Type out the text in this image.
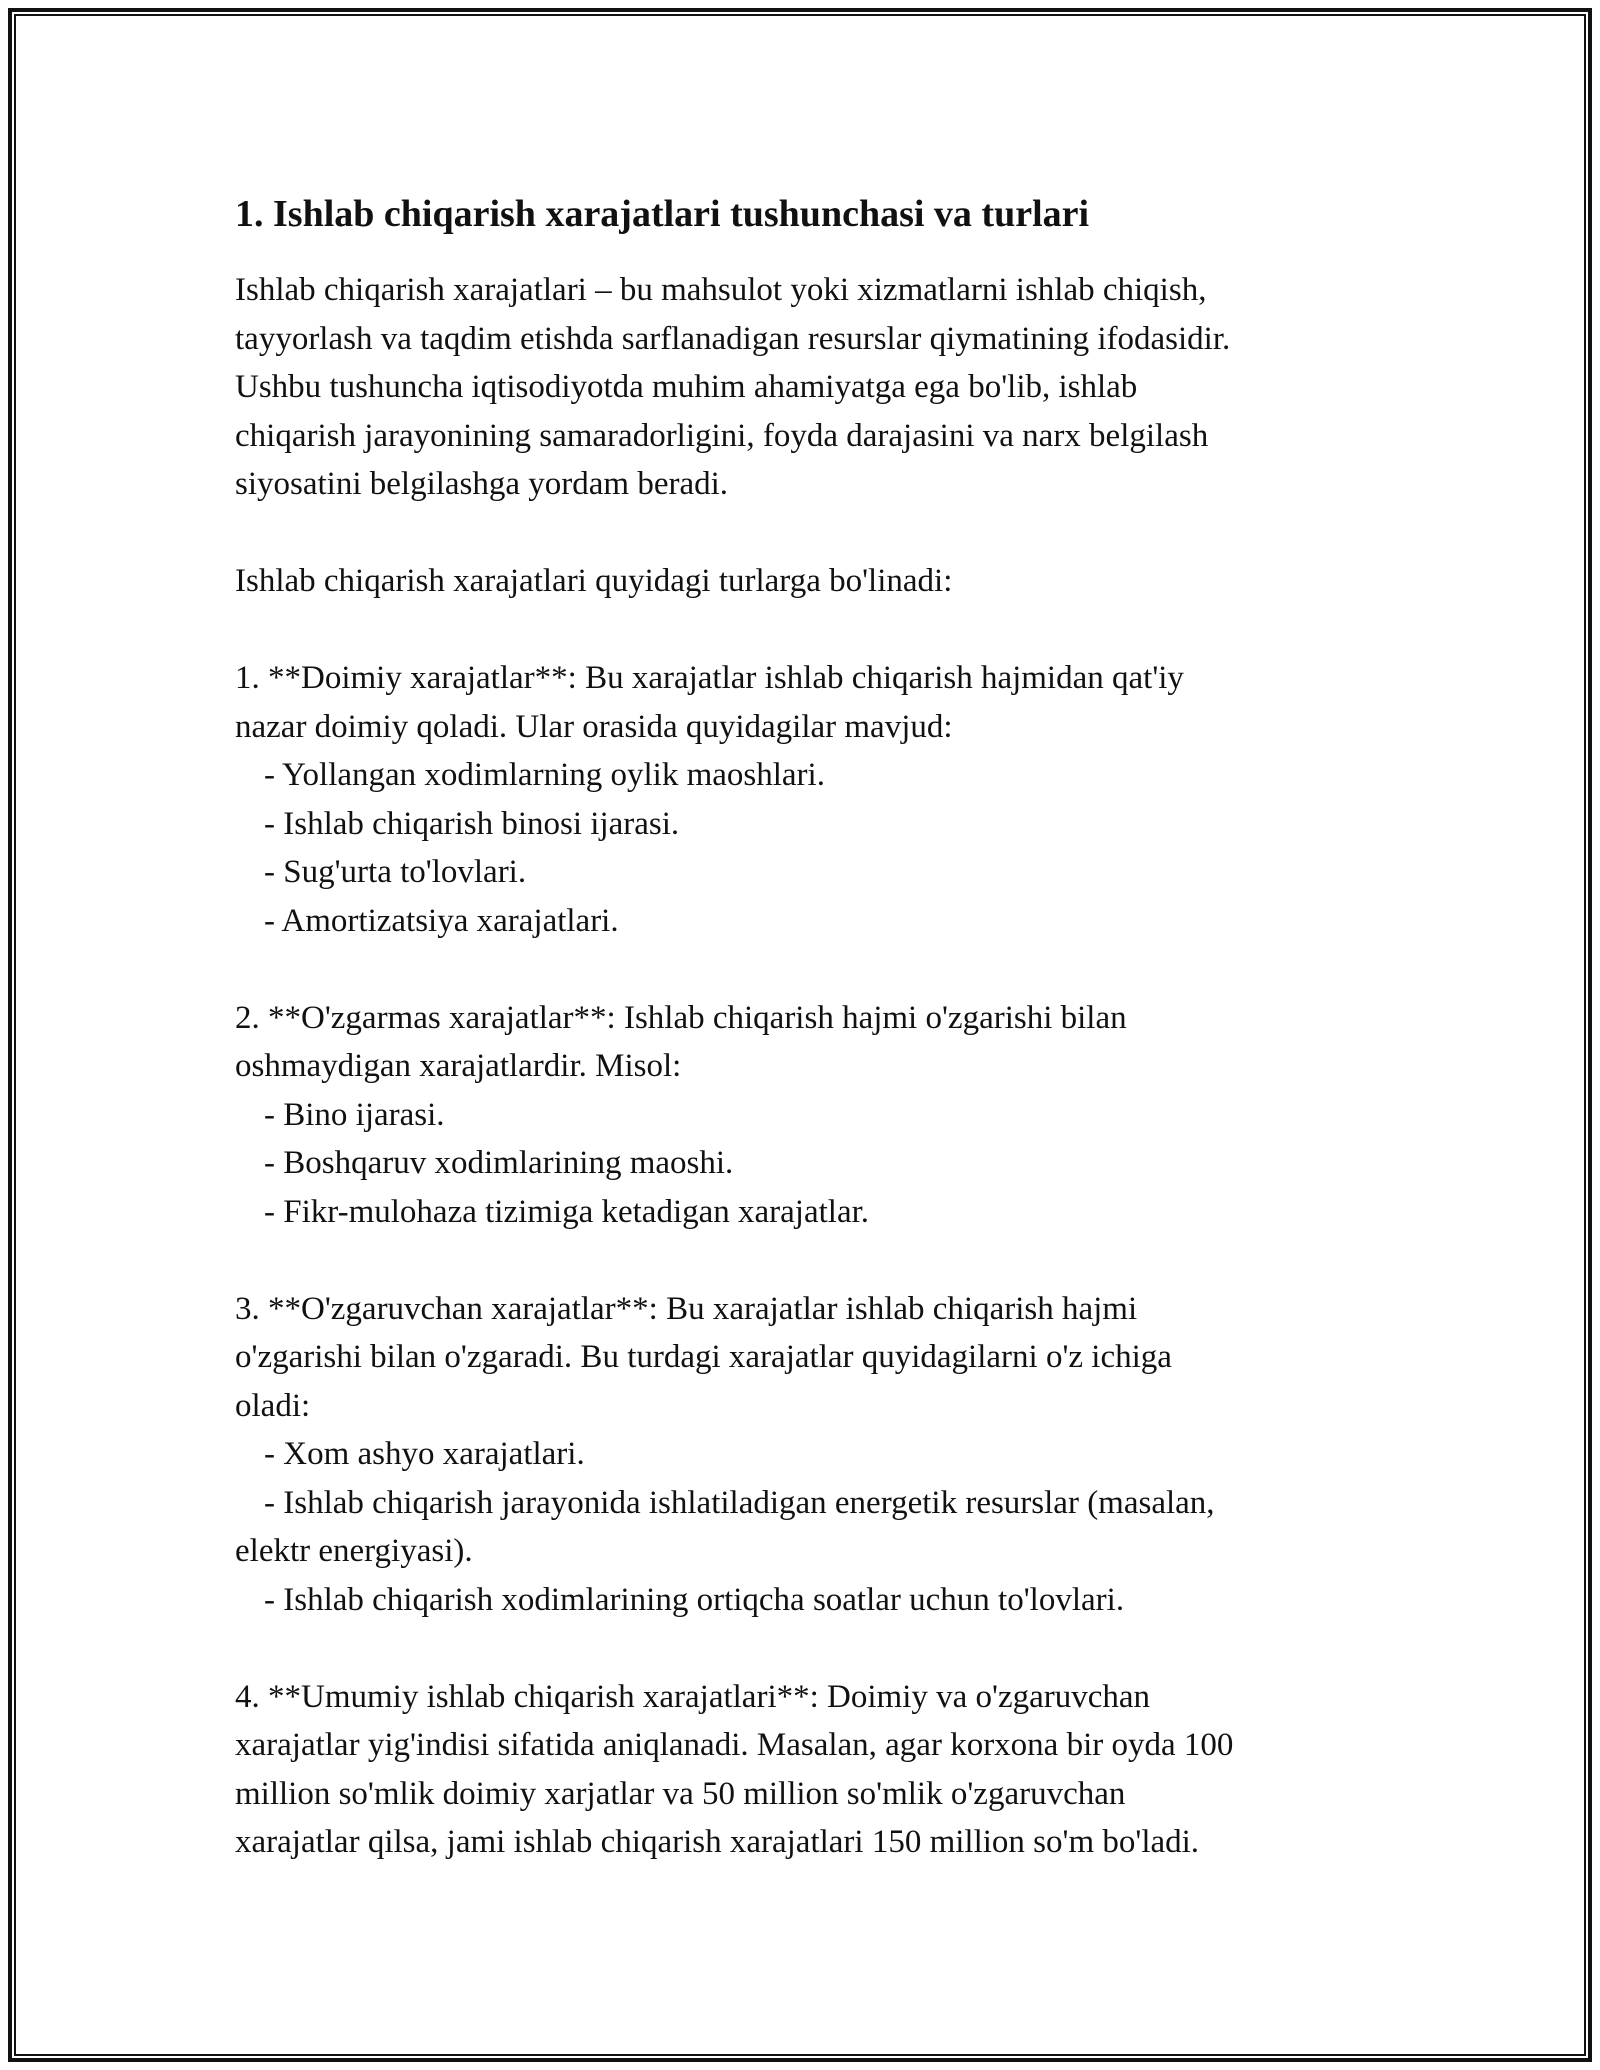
1. Ishlab chiqarish xarajatlari tushunchasi va turlari

Ishlab chiqarish xarajatlari – bu mahsulot yoki xizmatlarni ishlab chiqish,

tayyorlash va taqdim etishda sarflanadigan resurslar qiymatining ifodasidir.

Ushbu tushuncha iqtisodiyotda muhim ahamiyatga ega bo'lib, ishlab

chiqarish jarayonining samaradorligini, foyda darajasini va narx belgilash

siyosatini belgilashga yordam beradi.

Ishlab chiqarish xarajatlari quyidagi turlarga bo'linadi:

1. **Doimiy xarajatlar**: Bu xarajatlar ishlab chiqarish hajmidan qat'iy

nazar doimiy qoladi. Ular orasida quyidagilar mavjud:

- Yollangan xodimlarning oylik maoshlari.

- Ishlab chiqarish binosi ijarasi.

- Sug'urta to'lovlari.

- Amortizatsiya xarajatlari.

2. **O'zgarmas xarajatlar**: Ishlab chiqarish hajmi o'zgarishi bilan

oshmaydigan xarajatlardir. Misol:

- Bino ijarasi.

- Boshqaruv xodimlarining maoshi.

- Fikr-mulohaza tizimiga ketadigan xarajatlar.

3. **O'zgaruvchan xarajatlar**: Bu xarajatlar ishlab chiqarish hajmi

o'zgarishi bilan o'zgaradi. Bu turdagi xarajatlar quyidagilarni o'z ichiga

oladi:

- Xom ashyo xarajatlari.

- Ishlab chiqarish jarayonida ishlatiladigan energetik resurslar (masalan,

elektr energiyasi).

- Ishlab chiqarish xodimlarining ortiqcha soatlar uchun to'lovlari.

4. **Umumiy ishlab chiqarish xarajatlari**: Doimiy va o'zgaruvchan

xarajatlar yig'indisi sifatida aniqlanadi. Masalan, agar korxona bir oyda 100

million so'mlik doimiy xarjatlar va 50 million so'mlik o'zgaruvchan

xarajatlar qilsa, jami ishlab chiqarish xarajatlari 150 million so'm bo'ladi.
